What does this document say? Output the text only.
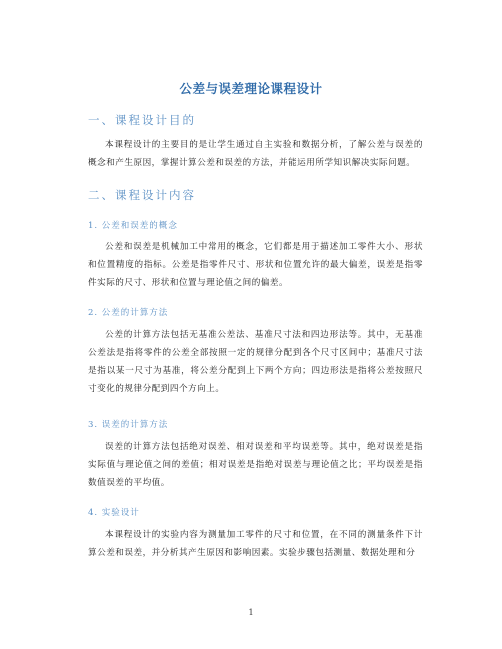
公差与误差理论课程设计
一、课程设计目的
本课程设计的主要目的是让学生通过自主实验和数据分析，了解公差与误差的概念和产生原因，掌握计算公差和误差的方法，并能运用所学知识解决实际问题。
二、课程设计内容
1. 公差和误差的概念
公差和误差是机械加工中常用的概念，它们都是用于描述加工零件大小、形状和位置精度的指标。公差是指零件尺寸、形状和位置允许的最大偏差，误差是指零件实际的尺寸、形状和位置与理论值之间的偏差。
2. 公差的计算方法
公差的计算方法包括无基准公差法、基准尺寸法和四边形法等。其中，无基准公差法是指将零件的公差全部按照一定的规律分配到各个尺寸区间中；基准尺寸法是指以某一尺寸为基准，将公差分配到上下两个方向；四边形法是指将公差按照尺寸变化的规律分配到四个方向上。
3. 误差的计算方法
误差的计算方法包括绝对误差、相对误差和平均误差等。其中，绝对误差是指实际值与理论值之间的差值；相对误差是指绝对误差与理论值之比；平均误差是指数值误差的平均值。
4. 实验设计
本课程设计的实验内容为测量加工零件的尺寸和位置，在不同的测量条件下计算公差和误差，并分析其产生原因和影响因素。实验步骤包括测量、数据处理和分
1
